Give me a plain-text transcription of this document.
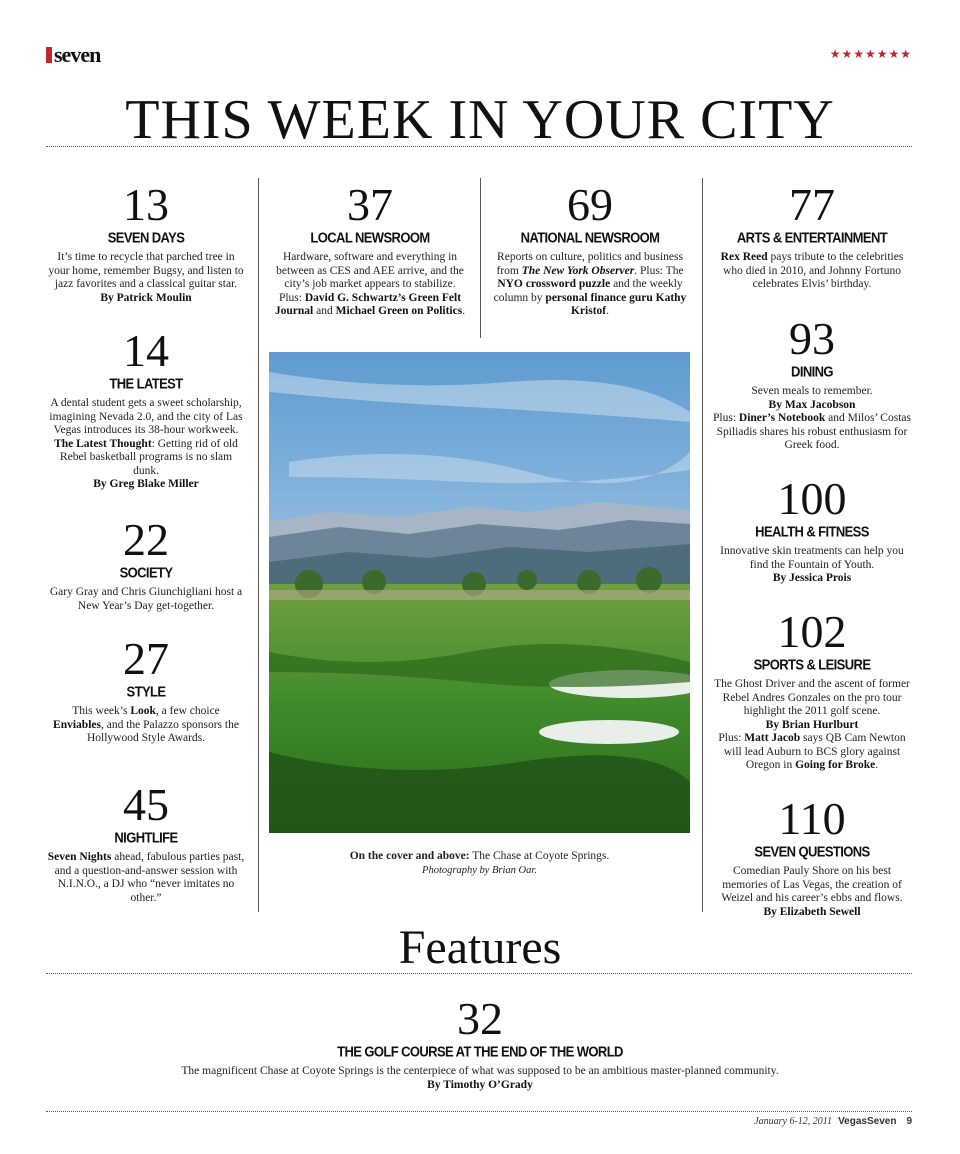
seven	★★★★★★★
THIS WEEK IN YOUR CITY
13
SEVEN DAYS
It’s time to recycle that parched tree in your home, remember Bugsy, and listen to jazz favorites and a classical guitar star.
By Patrick Moulin
14
THE LATEST
A dental student gets a sweet scholarship, imagining Nevada 2.0, and the city of Las Vegas introduces its 38-hour workweek.
The Latest Thought: Getting rid of old Rebel basketball programs is no slam dunk.
By Greg Blake Miller
22
SOCIETY
Gary Gray and Chris Giunchigliani host a New Year’s Day get-together.
27
STYLE
This week’s Look, a few choice
Enviables, and the Palazzo sponsors the Hollywood Style Awards.
45
NIGHTLIFE
Seven Nights ahead, fabulous parties past, and a question-and-answer session with N.I.N.O., a DJ who “never imitates no other.”
37
LOCAL NEWSROOM
Hardware, software and everything in between as CES and AEE arrive, and the city’s job market appears to stabilize.
Plus: David G. Schwartz’s Green Felt Journal and Michael Green on Politics.
69
NATIONAL NEWSROOM
Reports on culture, politics and business from The New York Observer. Plus: The NYO crossword puzzle and the weekly column by personal finance guru Kathy Kristof.
On the cover and above: The Chase at Coyote Springs.
Photography by Brian Oar.
77
ARTS & ENTERTAINMENT
Rex Reed pays tribute to the celebrities who died in 2010, and Johnny Fortuno celebrates Elvis’ birthday.
93
DINING
Seven meals to remember.
By Max Jacobson
Plus: Diner’s Notebook and Milos’ Costas Spiliadis shares his robust enthusiasm for Greek food.
100
HEALTH & FITNESS
Innovative skin treatments can help you find the Fountain of Youth.
By Jessica Prois
102
SPORTS & LEISURE
The Ghost Driver and the ascent of former Rebel Andres Gonzales on the pro tour highlight the 2011 golf scene.
By Brian Hurlburt
Plus: Matt Jacob says QB Cam Newton will lead Auburn to BCS glory against Oregon in Going for Broke.
110
SEVEN QUESTIONS
Comedian Pauly Shore on his best memories of Las Vegas, the creation of Weizel and his career’s ebbs and flows.
By Elizabeth Sewell
Features
32
THE GOLF COURSE AT THE END OF THE WORLD
The magnificent Chase at Coyote Springs is the centerpiece of what was supposed to be an ambitious master-planned community.
By Timothy O’Grady
January 6-12, 2011 VegasSeven 9
